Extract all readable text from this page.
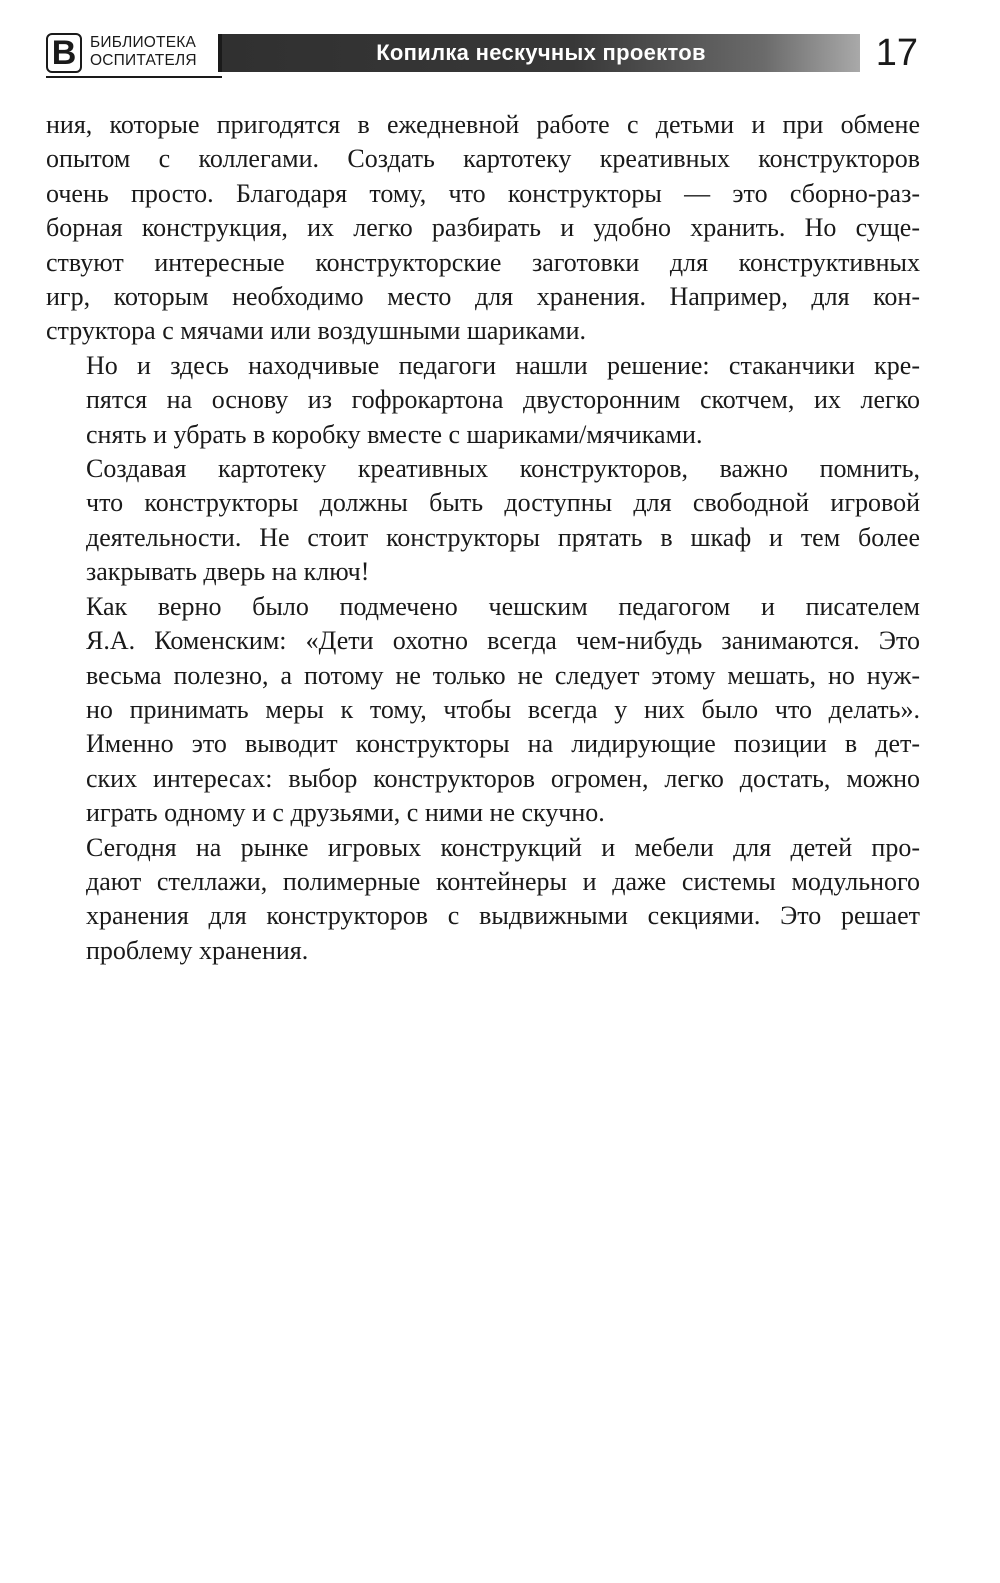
В БИБЛИОТЕКА
ОСПИТАТЕЛЯ	Копилка нескучных проектов	17

ния, которые пригодятся в ежедневной работе с детьми и при обмене
опытом с коллегами. Создать картотеку креативных конструкторов
очень просто. Благодаря тому, что конструкторы — это сборно-раз-
борная конструкция, их легко разбирать и удобно хранить. Но суще-
ствуют интересные конструкторские заготовки для конструктивных
игр, которым необходимо место для хранения. Например, для кон-
структора с мячами или воздушными шариками.

Но и здесь находчивые педагоги нашли решение: стаканчики кре-
пятся на основу из гофрокартона двусторонним скотчем, их легко
снять и убрать в коробку вместе с шариками/мячиками.

Создавая картотеку креативных конструкторов, важно помнить,
что конструкторы должны быть доступны для свободной игровой
деятельности. Не стоит конструкторы прятать в шкаф и тем более
закрывать дверь на ключ!

Как верно было подмечено чешским педагогом и писателем
Я.А. Коменским: «Дети охотно всегда чем-нибудь занимаются. Это
весьма полезно, а потому не только не следует этому мешать, но нуж-
но принимать меры к тому, чтобы всегда у них было что делать».
Именно это выводит конструкторы на лидирующие позиции в дет-
ских интересах: выбор конструкторов огромен, легко достать, можно
играть одному и с друзьями, с ними не скучно.

Сегодня на рынке игровых конструкций и мебели для детей про-
дают стеллажи, полимерные контейнеры и даже системы модульного
хранения для конструкторов с выдвижными секциями. Это решает
проблему хранения.
